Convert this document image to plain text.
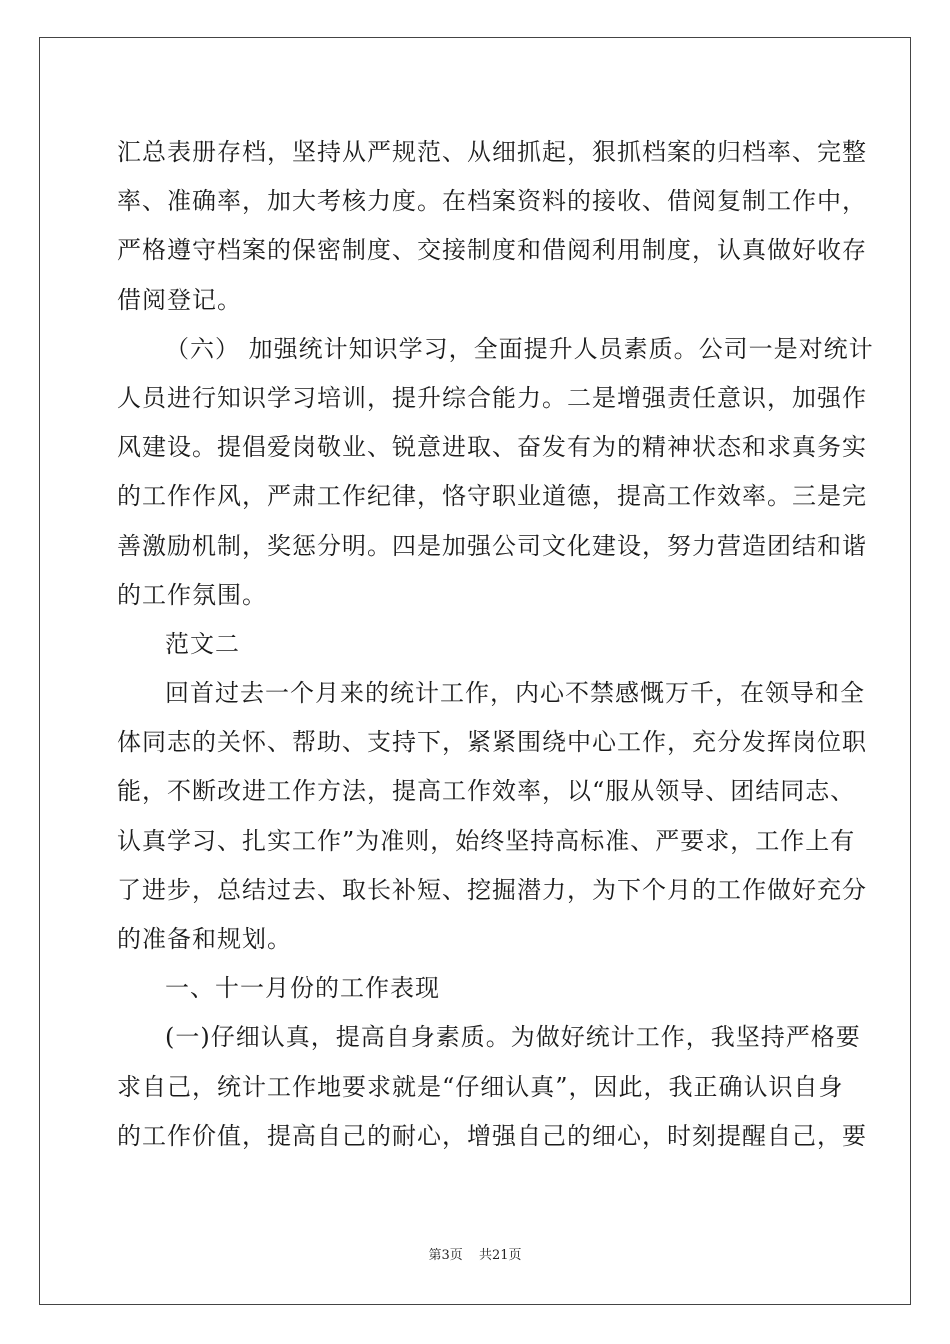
汇总表册存档，坚持从严规范、从细抓起，狠抓档案的归档率、完整
率、准确率，加大考核力度。在档案资料的接收、借阅复制工作中，
严格遵守档案的保密制度、交接制度和借阅利用制度，认真做好收存
借阅登记。
（六） 加强统计知识学习，全面提升人员素质。公司一是对统计
人员进行知识学习培训，提升综合能力。二是增强责任意识，加强作
风建设。提倡爱岗敬业、锐意进取、奋发有为的精神状态和求真务实
的工作作风，严肃工作纪律，恪守职业道德，提高工作效率。三是完
善激励机制，奖惩分明。四是加强公司文化建设，努力营造团结和谐
的工作氛围。
范文二
回首过去一个月来的统计工作，内心不禁感慨万千，在领导和全
体同志的关怀、帮助、支持下，紧紧围绕中心工作，充分发挥岗位职
能，不断改进工作方法，提高工作效率，以“服从领导、团结同志、
认真学习、扎实工作”为准则，始终坚持高标准、严要求，工作上有
了进步，总结过去、取长补短、挖掘潜力，为下个月的工作做好充分
的准备和规划。
一、十一月份的工作表现
(一)仔细认真，提高自身素质。为做好统计工作，我坚持严格要
求自己，统计工作地要求就是“仔细认真”，因此，我正确认识自身
的工作价值，提高自己的耐心，增强自己的细心，时刻提醒自己，要
第3页 共21页
